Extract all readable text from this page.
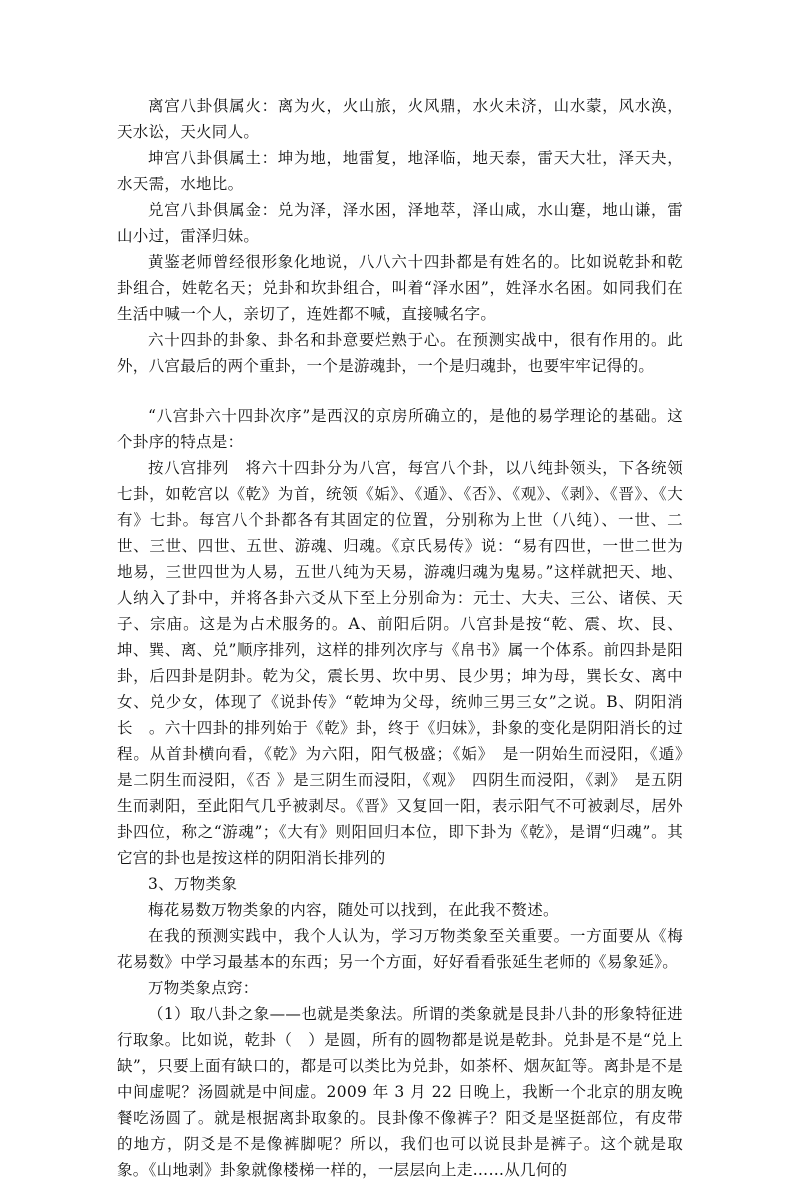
离宫八卦俱属火：离为火，火山旅，火风鼎，水火未济，山水蒙，风水涣，天水讼，天火同人。

坤宫八卦俱属土：坤为地，地雷复，地泽临，地天泰，雷天大壮，泽天夬，水天需，水地比。

兑宫八卦俱属金：兑为泽，泽水困，泽地萃，泽山咸，水山蹇，地山谦，雷山小过，雷泽归妹。

黄鉴老师曾经很形象化地说，八八六十四卦都是有姓名的。比如说乾卦和乾卦组合，姓乾名天；兑卦和坎卦组合，叫着“泽水困”，姓泽水名困。如同我们在生活中喊一个人，亲切了，连姓都不喊，直接喊名字。

六十四卦的卦象、卦名和卦意要烂熟于心。在预测实战中，很有作用的。此外，八宫最后的两个重卦，一个是游魂卦，一个是归魂卦，也要牢牢记得的。

“八宫卦六十四卦次序”是西汉的京房所确立的，是他的易学理论的基础。这个卦序的特点是：

按八宫排列　将六十四卦分为八宫，每宫八个卦，以八纯卦领头，下各统领七卦，如乾宫以《乾》为首，统领《姤》、《遁》、《否》、《观》、《剥》、《晋》、《大有》七卦。每宫八个卦都各有其固定的位置，分别称为上世（八纯）、一世、二世、三世、四世、五世、游魂、归魂。《京氏易传》说：“易有四世，一世二世为地易，三世四世为人易，五世八纯为天易，游魂归魂为鬼易。”这样就把天、地、人纳入了卦中，并将各卦六爻从下至上分别命为：元士、大夫、三公、诸侯、天子、宗庙。这是为占术服务的。A、前阳后阴。八宫卦是按“乾、震、坎、艮、坤、巽、离、兑”顺序排列，这样的排列次序与《帛书》属一个体系。前四卦是阳卦，后四卦是阴卦。乾为父，震长男、坎中男、艮少男；坤为母，巽长女、离中女、兑少女，体现了《说卦传》“乾坤为父母，统帅三男三女”之说。B、阴阳消长　。六十四卦的排列始于《乾》卦，终于《归妹》，卦象的变化是阴阳消长的过程。从首卦横向看，《乾》为六阳，阳气极盛；《姤》　是一阴始生而浸阳，《遁》　是二阴生而浸阳，《否 》是三阴生而浸阳，《观》　四阴生而浸阳，《剥》　是五阴生而剥阳，至此阳气几乎被剥尽。《晋》又复回一阳，表示阳气不可被剥尽，居外卦四位，称之“游魂”；《大有》则阳回归本位，即下卦为《乾》，是谓“归魂”。其它宫的卦也是按这样的阴阳消长排列的

3、万物类象

梅花易数万物类象的内容，随处可以找到，在此我不赘述。

在我的预测实践中，我个人认为，学习万物类象至关重要。一方面要从《梅花易数》中学习最基本的东西；另一个方面，好好看看张延生老师的《易象延》。

万物类象点窍：

（1）取八卦之象——也就是类象法。所谓的类象就是艮卦八卦的形象特征进行取象。比如说，乾卦（　）是圆，所有的圆物都是说是乾卦。兑卦是不是“兑上缺”，只要上面有缺口的，都是可以类比为兑卦，如茶杯、烟灰缸等。离卦是不是中间虚呢？汤圆就是中间虚。2009 年 3 月 22 日晚上，我断一个北京的朋友晚餐吃汤圆了。就是根据离卦取象的。艮卦像不像裤子？阳爻是坚挺部位，有皮带的地方，阴爻是不是像裤脚呢？所以，我们也可以说艮卦是裤子。这个就是取象。《山地剥》卦象就像楼梯一样的，一层层向上走……从几何的
